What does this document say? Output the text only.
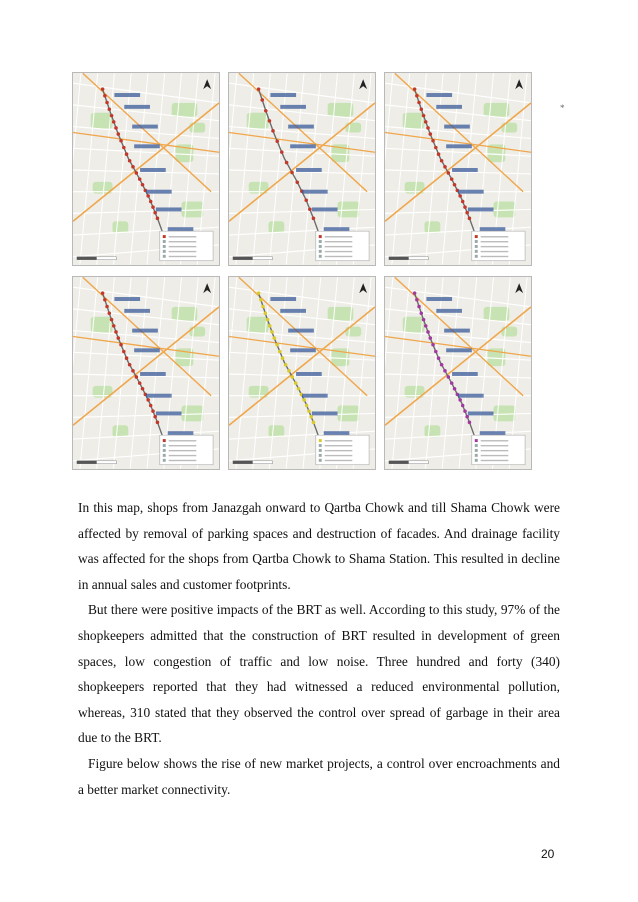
*

In this map, shops from Janazgah onward to Qartba Chowk and till Shama Chowk were affected by removal of parking spaces and destruction of facades. And drainage facility was affected for the shops from Qartba Chowk to Shama Station. This resulted in decline in annual sales and customer footprints.

But there were positive impacts of the BRT as well. According to this study, 97% of the shopkeepers admitted that the construction of BRT resulted in development of green spaces, low congestion of traffic and low noise. Three hundred and forty (340) shopkeepers reported that they had witnessed a reduced environmental pollution, whereas, 310 stated that they observed the control over spread of garbage in their area due to the BRT.

Figure below shows the rise of new market projects, a control over encroachments and a better market connectivity.

20
